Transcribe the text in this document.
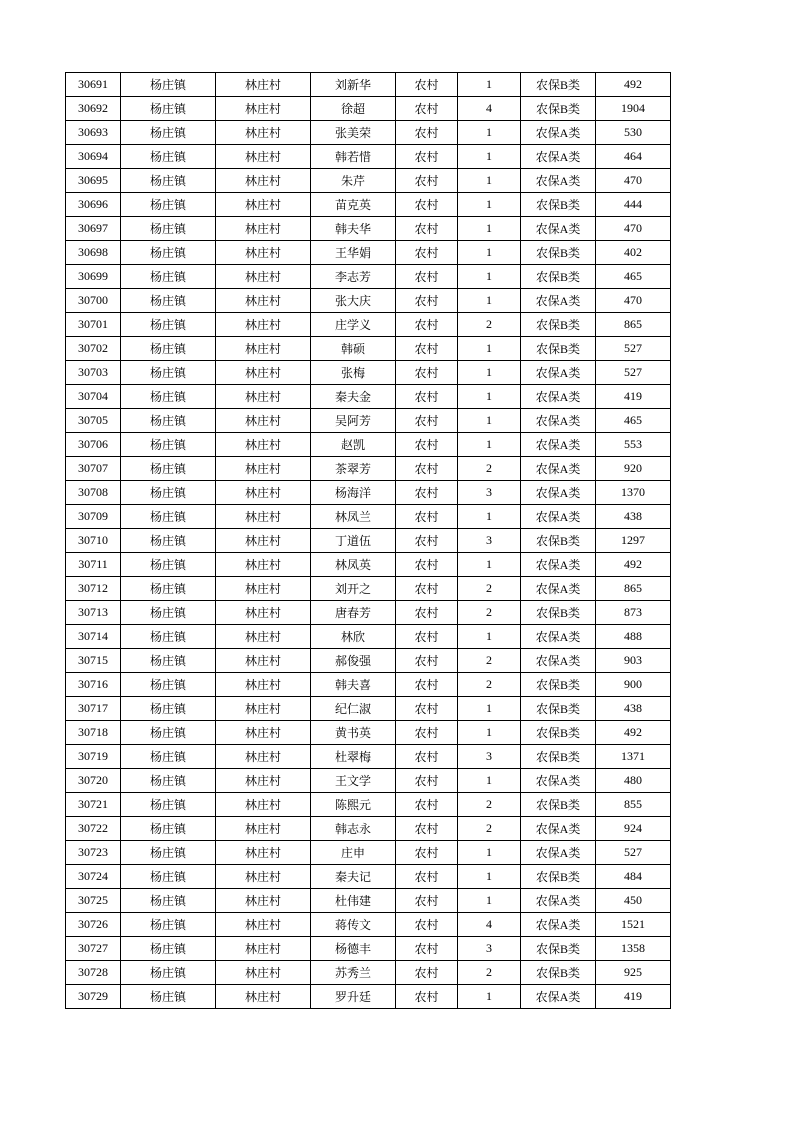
30691	杨庄镇	林庄村	刘新华	农村	1	农保B类	492
30692	杨庄镇	林庄村	徐超	农村	4	农保B类	1904
30693	杨庄镇	林庄村	张美荣	农村	1	农保A类	530
30694	杨庄镇	林庄村	韩若惜	农村	1	农保A类	464
30695	杨庄镇	林庄村	朱芹	农村	1	农保A类	470
30696	杨庄镇	林庄村	苗克英	农村	1	农保B类	444
30697	杨庄镇	林庄村	韩夫华	农村	1	农保A类	470
30698	杨庄镇	林庄村	王华娟	农村	1	农保B类	402
30699	杨庄镇	林庄村	李志芳	农村	1	农保B类	465
30700	杨庄镇	林庄村	张大庆	农村	1	农保A类	470
30701	杨庄镇	林庄村	庄学义	农村	2	农保B类	865
30702	杨庄镇	林庄村	韩硕	农村	1	农保B类	527
30703	杨庄镇	林庄村	张梅	农村	1	农保A类	527
30704	杨庄镇	林庄村	秦夫金	农村	1	农保A类	419
30705	杨庄镇	林庄村	吴阿芳	农村	1	农保A类	465
30706	杨庄镇	林庄村	赵凯	农村	1	农保A类	553
30707	杨庄镇	林庄村	茶翠芳	农村	2	农保A类	920
30708	杨庄镇	林庄村	杨海洋	农村	3	农保A类	1370
30709	杨庄镇	林庄村	林凤兰	农村	1	农保A类	438
30710	杨庄镇	林庄村	丁道伍	农村	3	农保B类	1297
30711	杨庄镇	林庄村	林凤英	农村	1	农保A类	492
30712	杨庄镇	林庄村	刘开之	农村	2	农保A类	865
30713	杨庄镇	林庄村	唐春芳	农村	2	农保B类	873
30714	杨庄镇	林庄村	林欣	农村	1	农保A类	488
30715	杨庄镇	林庄村	郝俊强	农村	2	农保A类	903
30716	杨庄镇	林庄村	韩夫喜	农村	2	农保B类	900
30717	杨庄镇	林庄村	纪仁淑	农村	1	农保B类	438
30718	杨庄镇	林庄村	黄书英	农村	1	农保B类	492
30719	杨庄镇	林庄村	杜翠梅	农村	3	农保B类	1371
30720	杨庄镇	林庄村	王文学	农村	1	农保A类	480
30721	杨庄镇	林庄村	陈熙元	农村	2	农保B类	855
30722	杨庄镇	林庄村	韩志永	农村	2	农保A类	924
30723	杨庄镇	林庄村	庄申	农村	1	农保A类	527
30724	杨庄镇	林庄村	秦夫记	农村	1	农保B类	484
30725	杨庄镇	林庄村	杜伟建	农村	1	农保A类	450
30726	杨庄镇	林庄村	蒋传文	农村	4	农保A类	1521
30727	杨庄镇	林庄村	杨德丰	农村	3	农保B类	1358
30728	杨庄镇	林庄村	苏秀兰	农村	2	农保B类	925
30729	杨庄镇	林庄村	罗升廷	农村	1	农保A类	419
